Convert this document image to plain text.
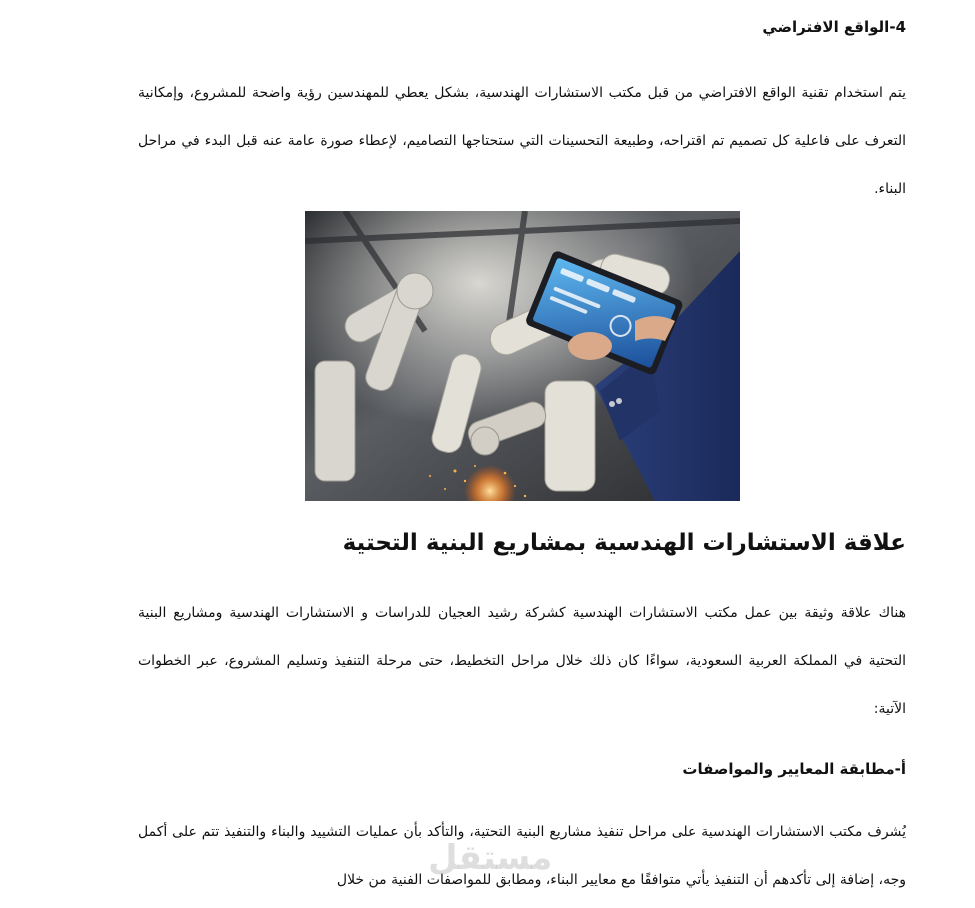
4-الواقع الافتراضي
يتم استخدام تقنية الواقع الافتراضي من قبل مكتب الاستشارات الهندسية، بشكل يعطي للمهندسين رؤية واضحة للمشروع، وإمكانية التعرف على فاعلية كل تصميم تم اقتراحه، وطبيعة التحسينات التي ستحتاجها التصاميم، لإعطاء صورة عامة عنه قبل البدء في مراحل البناء.
علاقة الاستشارات الهندسية بمشاريع البنية التحتية
هناك علاقة وثيقة بين عمل مكتب الاستشارات الهندسية كشركة رشيد العجيان للدراسات و الاستشارات الهندسية ومشاريع البنية التحتية في المملكة العربية السعودية، سواءًا كان ذلك خلال مراحل التخطيط، حتى مرحلة التنفيذ وتسليم المشروع، عبر الخطوات الآتية:
أ-مطابقة المعايير والمواصفات
يُشرف مكتب الاستشارات الهندسية على مراحل تنفيذ مشاريع البنية التحتية، والتأكد بأن عمليات التشييد والبناء والتنفيذ تتم على أكمل وجه، إضافة إلى تأكدهم أن التنفيذ يأتي متوافقًا مع معايير البناء، ومطابق للمواصفات الفنية من خلال
مستقل
